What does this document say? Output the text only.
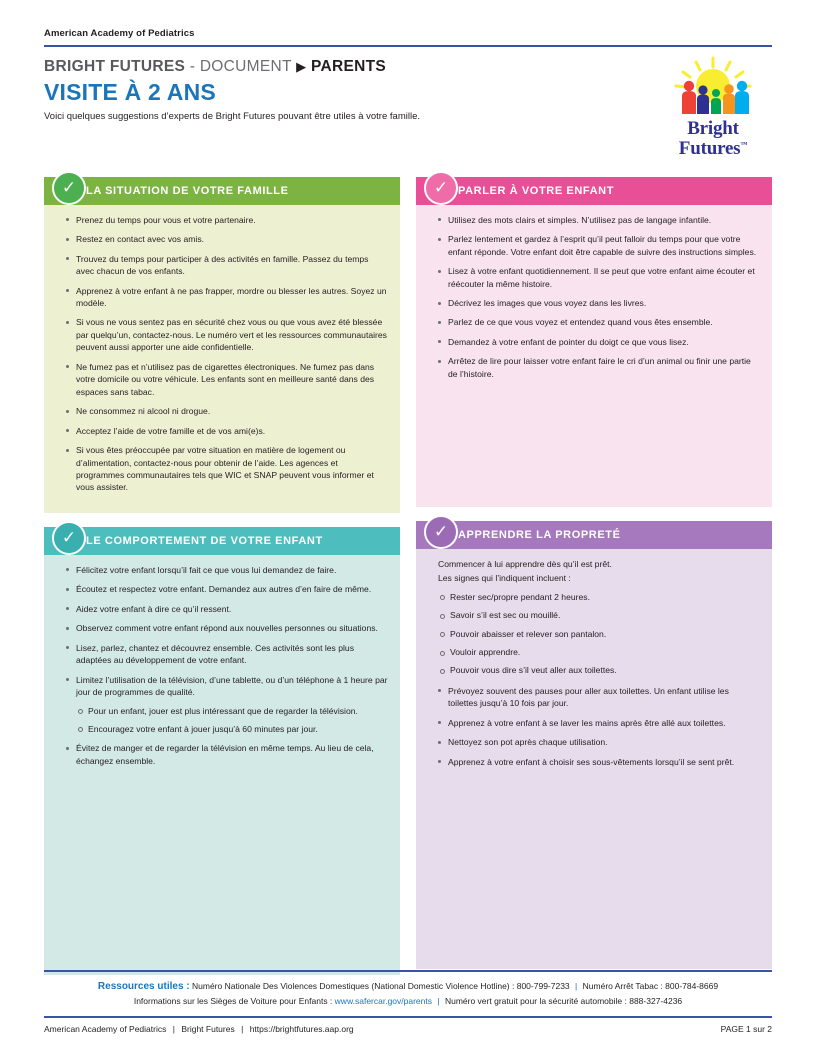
American Academy of Pediatrics
BRIGHT FUTURES - DOCUMENT ▶ PARENTS
VISITE À 2 ANS
Voici quelques suggestions d’experts de Bright Futures pouvant être utiles à votre famille.
Bright
Futures™
✓ LA SITUATION DE VOTRE FAMILLE
Prenez du temps pour vous et votre partenaire.
Restez en contact avec vos amis.
Trouvez du temps pour participer à des activités en famille. Passez du temps avec chacun de vos enfants.
Apprenez à votre enfant à ne pas frapper, mordre ou blesser les autres. Soyez un modèle.
Si vous ne vous sentez pas en sécurité chez vous ou que vous avez été blessée par quelqu’un, contactez-nous. Le numéro vert et les ressources communautaires peuvent aussi apporter une aide confidentielle.
Ne fumez pas et n’utilisez pas de cigarettes électroniques. Ne fumez pas dans votre domicile ou votre véhicule. Les enfants sont en meilleure santé dans des espaces sans tabac.
Ne consommez ni alcool ni drogue.
Acceptez l’aide de votre famille et de vos ami(e)s.
Si vous êtes préoccupée par votre situation en matière de logement ou d’alimentation, contactez-nous pour obtenir de l’aide. Les agences et programmes communautaires tels que WIC et SNAP peuvent vous informer et vous assister.
✓ LE COMPORTEMENT DE VOTRE ENFANT
Félicitez votre enfant lorsqu’il fait ce que vous lui demandez de faire.
Écoutez et respectez votre enfant. Demandez aux autres d’en faire de même.
Aidez votre enfant à dire ce qu’il ressent.
Observez comment votre enfant répond aux nouvelles personnes ou situations.
Lisez, parlez, chantez et découvrez ensemble. Ces activités sont les plus adaptées au développement de votre enfant.
Limitez l’utilisation de la télévision, d’une tablette, ou d’un téléphone à 1 heure par jour de programmes de qualité.
Pour un enfant, jouer est plus intéressant que de regarder la télévision.
Encouragez votre enfant à jouer jusqu’à 60 minutes par jour.
Évitez de manger et de regarder la télévision en même temps. Au lieu de cela, échangez ensemble.
✓ PARLER À VOTRE ENFANT
Utilisez des mots clairs et simples. N’utilisez pas de langage infantile.
Parlez lentement et gardez à l’esprit qu’il peut falloir du temps pour que votre enfant réponde. Votre enfant doit être capable de suivre des instructions simples.
Lisez à votre enfant quotidiennement. Il se peut que votre enfant aime écouter et réécouter la même histoire.
Décrivez les images que vous voyez dans les livres.
Parlez de ce que vous voyez et entendez quand vous êtes ensemble.
Demandez à votre enfant de pointer du doigt ce que vous lisez.
Arrêtez de lire pour laisser votre enfant faire le cri d’un animal ou finir une partie de l’histoire.
✓ APPRENDRE LA PROPRETÉ
Commencer à lui apprendre dès qu’il est prêt.
Les signes qui l’indiquent incluent :
Rester sec/propre pendant 2 heures.
Savoir s’il est sec ou mouillé.
Pouvoir abaisser et relever son pantalon.
Vouloir apprendre.
Pouvoir vous dire s’il veut aller aux toilettes.
Prévoyez souvent des pauses pour aller aux toilettes. Un enfant utilise les toilettes jusqu’à 10 fois par jour.
Apprenez à votre enfant à se laver les mains après être allé aux toilettes.
Nettoyez son pot après chaque utilisation.
Apprenez à votre enfant à choisir ses sous-vêtements lorsqu’il se sent prêt.
Ressources utiles : Numéro Nationale Des Violences Domestiques (National Domestic Violence Hotline) : 800-799-7233 | Numéro Arrêt Tabac : 800-784-8669
Informations sur les Sièges de Voiture pour Enfants : www.safercar.gov/parents | Numéro vert gratuit pour la sécurité automobile : 888-327-4236
American Academy of Pediatrics | Bright Futures | https://brightfutures.aap.org	PAGE 1 sur 2
